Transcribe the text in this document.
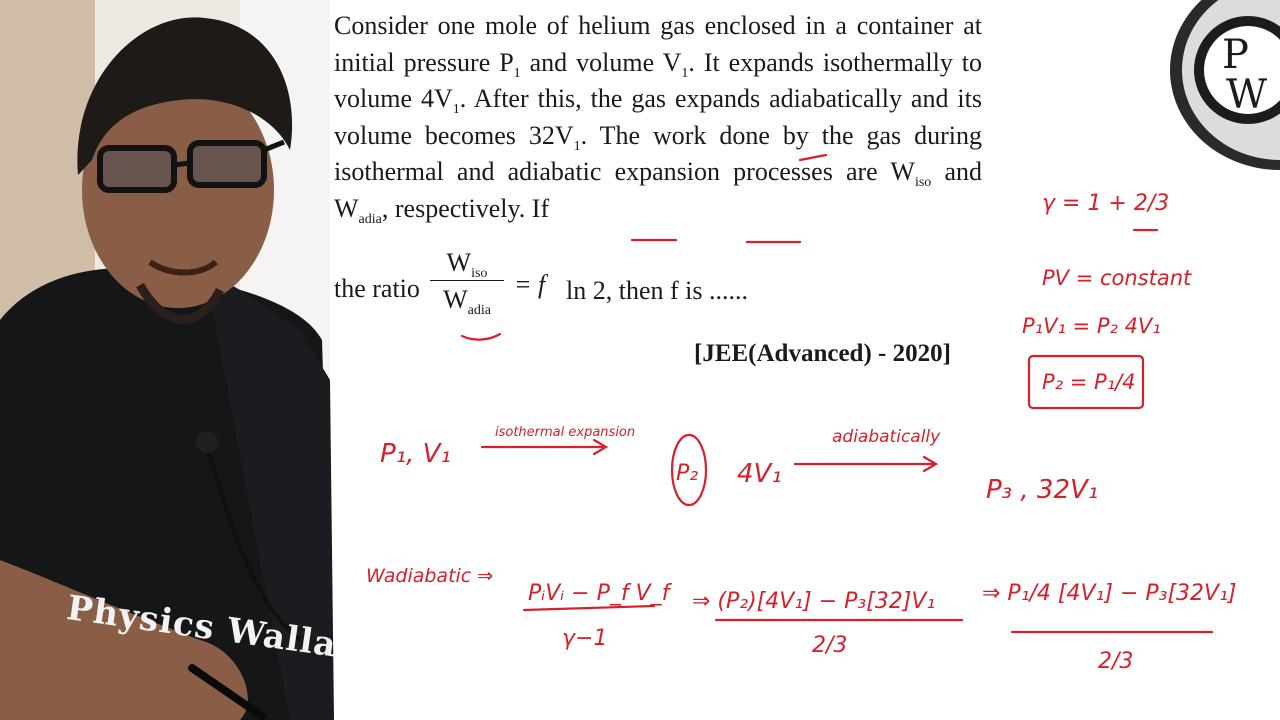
Physics Walla
Consider one mole of helium gas enclosed in a container at initial pressure $P_1$ and volume $V_1$. It expands isothermally to volume $4V_1$. After this, the gas expands adiabatically and its volume becomes $32V_1$. The work done by the gas during isothermal and adiabatic expansion processes are $W_{iso}$ and $W_{adia}$, respectively. If
the ratio
$W_{iso}$
$W_{adia}$
= f ln 2, then f is ......
[JEE(Advanced) - 2020]
γ = 1 + 2/3
PV = constant
P₁V₁ = P₂ 4V₁
P₂ = P₁/4
P₁, V₁
isothermal expansion
P₂ 4V₁
adiabatically
P₃ , 32V₁
Wadiabatic ⇒
PᵢVᵢ − P_f V_f
γ−1
⇒ (P₂)[4V₁] − P₃[32]V₁
2/3
⇒ P₁/4 [4V₁] − P₃[32V₁]
2/3
P
W
